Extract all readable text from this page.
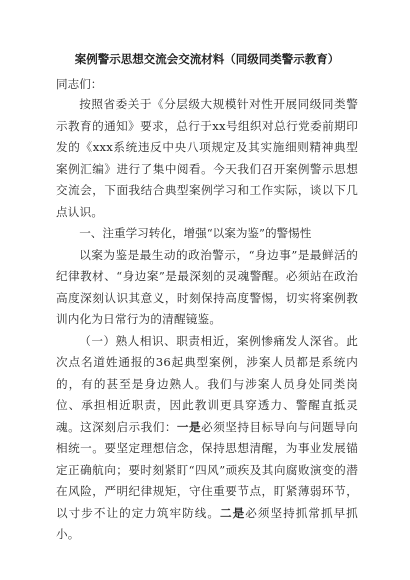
案例警示思想交流会交流材料（同级同类警示教育）
同志们：

按照省委关于《分层级大规模针对性开展同级同类警示教育的通知》要求，总行于xx号组织对总行党委前期印发的《xxx系统违反中央八项规定及其实施细则精神典型案例汇编》进行了集中阅看。今天我们召开案例警示思想交流会，下面我结合典型案例学习和工作实际，谈以下几点认识。

一、注重学习转化，增强“以案为鉴”的警惕性

以案为鉴是最生动的政治警示，“身边事”是最鲜活的纪律教材、“身边案”是最深刻的灵魂警醒。必须站在政治高度深刻认识其意义，时刻保持高度警惕，切实将案例教训内化为日常行为的清醒镜鉴。

（一）熟人相识、职责相近，案例惨痛发人深省。此次点名道姓通报的36起典型案例，涉案人员都是系统内的，有的甚至是身边熟人。我们与涉案人员身处同类岗位、承担相近职责，因此教训更具穿透力、警醒直抵灵魂。这深刻启示我们：一是必须坚持目标导向与问题导向相统一。要坚定理想信念，保持思想清醒，为事业发展锚定正确航向；要时刻紧盯“四风”顽疾及其向腐败演变的潜在风险，严明纪律规矩，守住重要节点，盯紧薄弱环节，以寸步不让的定力筑牢防线。二是必须坚持抓常抓早抓小。
